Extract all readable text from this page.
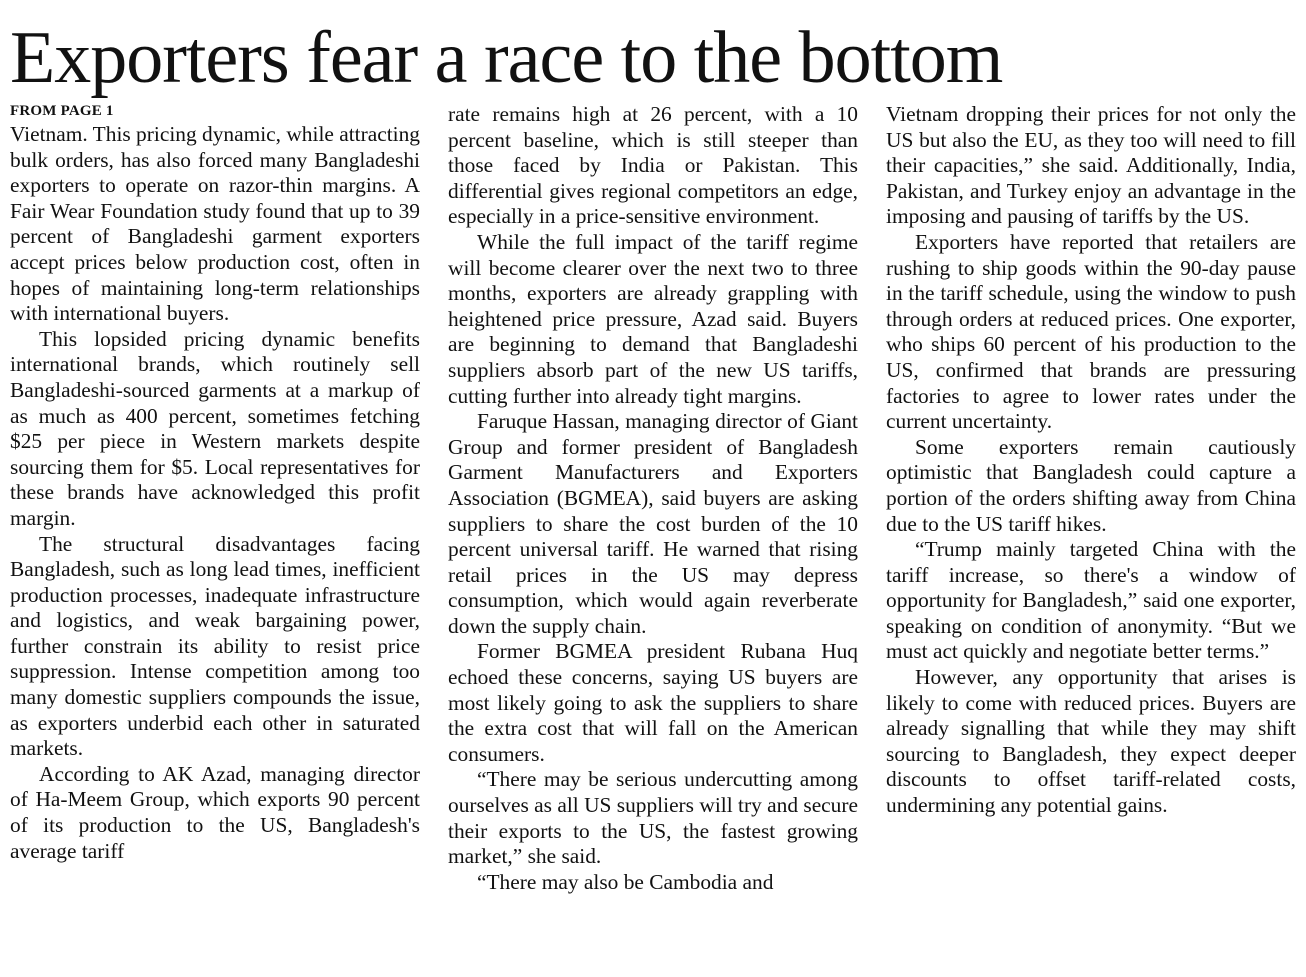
Exporters fear a race to the bottom
FROM PAGE 1

Vietnam. This pricing dynamic, while attracting bulk orders, has also forced many Bangladeshi exporters to operate on razor-thin margins. A Fair Wear Foundation study found that up to 39 percent of Bangladeshi garment exporters accept prices below production cost, often in hopes of maintaining long-term relationships with international buyers.

This lopsided pricing dynamic benefits international brands, which routinely sell Bangladeshi-sourced garments at a markup of as much as 400 percent, sometimes fetching $25 per piece in Western markets despite sourcing them for $5. Local representatives for these brands have acknowledged this profit margin.

The structural disadvantages facing Bangladesh, such as long lead times, inefficient production processes, inadequate infrastructure and logistics, and weak bargaining power, further constrain its ability to resist price suppression. Intense competition among too many domestic suppliers compounds the issue, as exporters underbid each other in saturated markets.

According to AK Azad, managing director of Ha-Meem Group, which exports 90 percent of its production to the US, Bangladesh's average tariff

rate remains high at 26 percent, with a 10 percent baseline, which is still steeper than those faced by India or Pakistan. This differential gives regional competitors an edge, especially in a price-sensitive environment.

While the full impact of the tariff regime will become clearer over the next two to three months, exporters are already grappling with heightened price pressure, Azad said. Buyers are beginning to demand that Bangladeshi suppliers absorb part of the new US tariffs, cutting further into already tight margins.

Faruque Hassan, managing director of Giant Group and former president of Bangladesh Garment Manufacturers and Exporters Association (BGMEA), said buyers are asking suppliers to share the cost burden of the 10 percent universal tariff. He warned that rising retail prices in the US may depress consumption, which would again reverberate down the supply chain.

Former BGMEA president Rubana Huq echoed these concerns, saying US buyers are most likely going to ask the suppliers to share the extra cost that will fall on the American consumers.

“There may be serious undercutting among ourselves as all US suppliers will try and secure their exports to the US, the fastest growing market,” she said.

“There may also be Cambodia and

Vietnam dropping their prices for not only the US but also the EU, as they too will need to fill their capacities,” she said. Additionally, India, Pakistan, and Turkey enjoy an advantage in the imposing and pausing of tariffs by the US.

Exporters have reported that retailers are rushing to ship goods within the 90-day pause in the tariff schedule, using the window to push through orders at reduced prices. One exporter, who ships 60 percent of his production to the US, confirmed that brands are pressuring factories to agree to lower rates under the current uncertainty.

Some exporters remain cautiously optimistic that Bangladesh could capture a portion of the orders shifting away from China due to the US tariff hikes.

“Trump mainly targeted China with the tariff increase, so there's a window of opportunity for Bangladesh,” said one exporter, speaking on condition of anonymity. “But we must act quickly and negotiate better terms.”

However, any opportunity that arises is likely to come with reduced prices. Buyers are already signalling that while they may shift sourcing to Bangladesh, they expect deeper discounts to offset tariff-related costs, undermining any potential gains.
